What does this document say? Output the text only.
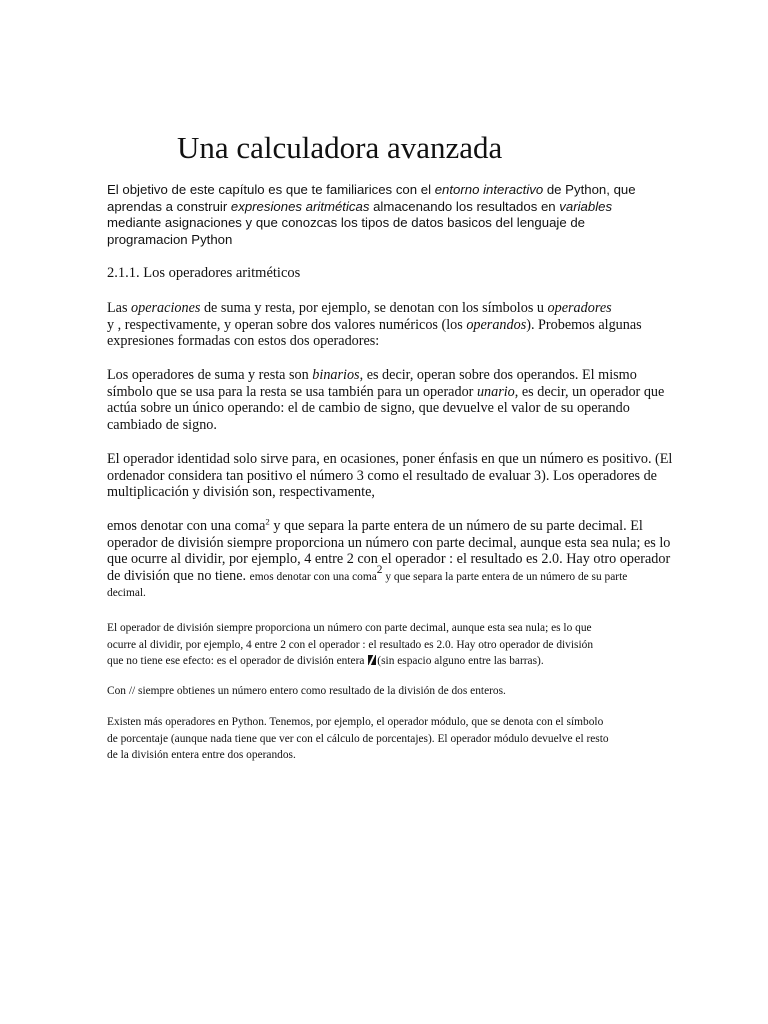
Una calculadora avanzada

El objetivo de este capítulo es que te familiarices con el entorno interactivo de Python, que
aprendas a construir expresiones aritméticas almacenando los resultados en variables
mediante asignaciones y que conozcas los tipos de datos basicos del lenguaje de
programacion Python

2.1.1. Los operadores aritméticos

Las operaciones de suma y resta, por ejemplo, se denotan con los símbolos u operadores
y , respectivamente, y operan sobre dos valores numéricos (los operandos). Probemos algunas
expresiones formadas con estos dos operadores:

Los operadores de suma y resta son binarios, es decir, operan sobre dos operandos. El mismo
símbolo que se usa para la resta se usa también para un operador unario, es decir, un operador que
actúa sobre un único operando: el de cambio de signo, que devuelve el valor de su operando
cambiado de signo.

El operador identidad solo sirve para, en ocasiones, poner énfasis en que un número es positivo. (El
ordenador considera tan positivo el número 3 como el resultado de evaluar 3). Los operadores de
multiplicación y división son, respectivamente,

emos denotar con una coma$^2$ y que separa la parte entera de un número de su parte decimal. El
operador de división siempre proporciona un número con parte decimal, aunque esta sea nula; es lo
que ocurre al dividir, por ejemplo, 4 entre 2 con el operador : el resultado es 2.0. Hay otro operador
de división que no tiene. emos denotar con una coma$^2$ y que separa la parte entera de un número de su parte
decimal.

El operador de división siempre proporciona un número con parte decimal, aunque esta sea nula; es lo que
ocurre al dividir, por ejemplo, 4 entre 2 con el operador : el resultado es 2.0. Hay otro operador de división
que no tiene ese efecto: es el operador de división entera (sin espacio alguno entre las barras).

Con // siempre obtienes un número entero como resultado de la división de dos enteros.

Existen más operadores en Python. Tenemos, por ejemplo, el operador módulo, que se denota con el símbolo
de porcentaje (aunque nada tiene que ver con el cálculo de porcentajes). El operador módulo devuelve el resto
de la división entera entre dos operandos.
